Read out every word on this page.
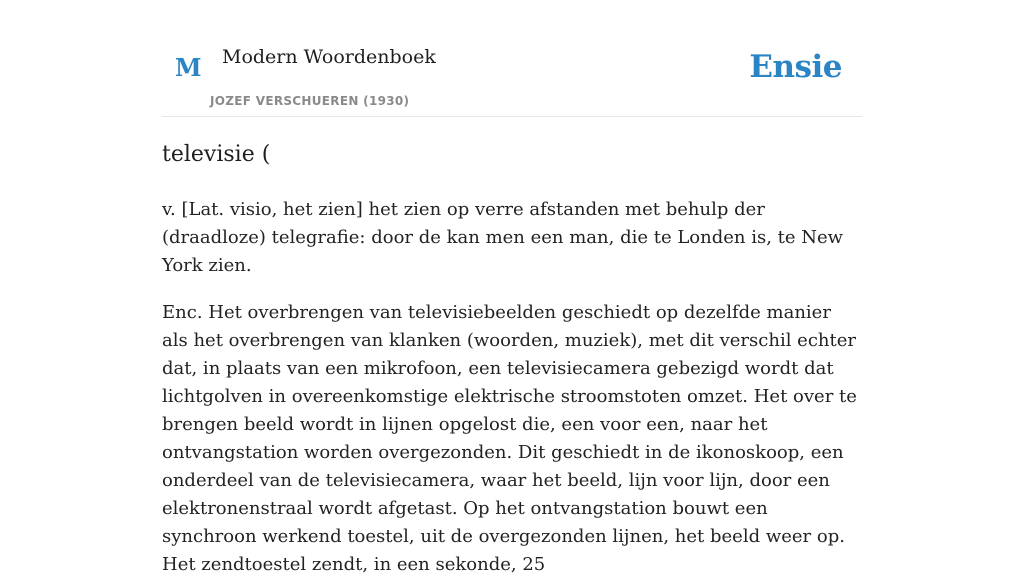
M Modern Woordenboek
JOZEF VERSCHUEREN (1930)
Ensie
televisie (
v. [Lat. visio, het zien] het zien op verre afstanden met behulp der (draadloze) telegrafie: door de kan men een man, die te Londen is, te New York zien.
Enc. Het overbrengen van televisiebeelden geschiedt op dezelfde manier als het overbrengen van klanken (woorden, muziek), met dit verschil echter dat, in plaats van een mikrofoon, een televisiecamera gebezigd wordt dat lichtgolven in overeenkomstige elektrische stroomstoten omzet. Het over te brengen beeld wordt in lijnen opgelost die, een voor een, naar het ontvangstation worden overgezonden. Dit geschiedt in de ikonoskoop, een onderdeel van de televisiecamera, waar het beeld, lijn voor lijn, door een elektronenstraal wordt afgetast. Op het ontvangstation bouwt een synchroon werkend toestel, uit de overgezonden lijnen, het beeld weer op. Het zendtoestel zendt, in een sekonde, 25
